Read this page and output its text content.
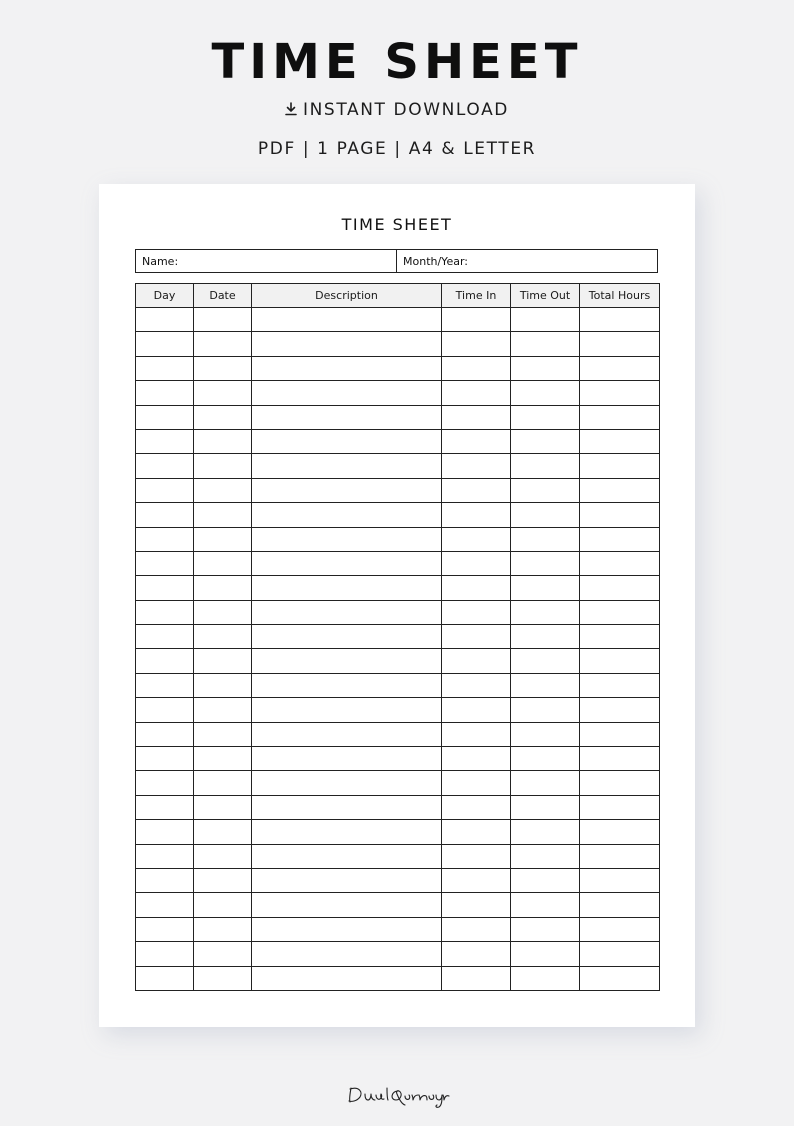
TIME SHEET
INSTANT DOWNLOAD
PDF | 1 PAGE | A4 & LETTER
TIME SHEET
Name:	Month/Year:
Day	Date	Description	Time In	Time Out	Total Hours
